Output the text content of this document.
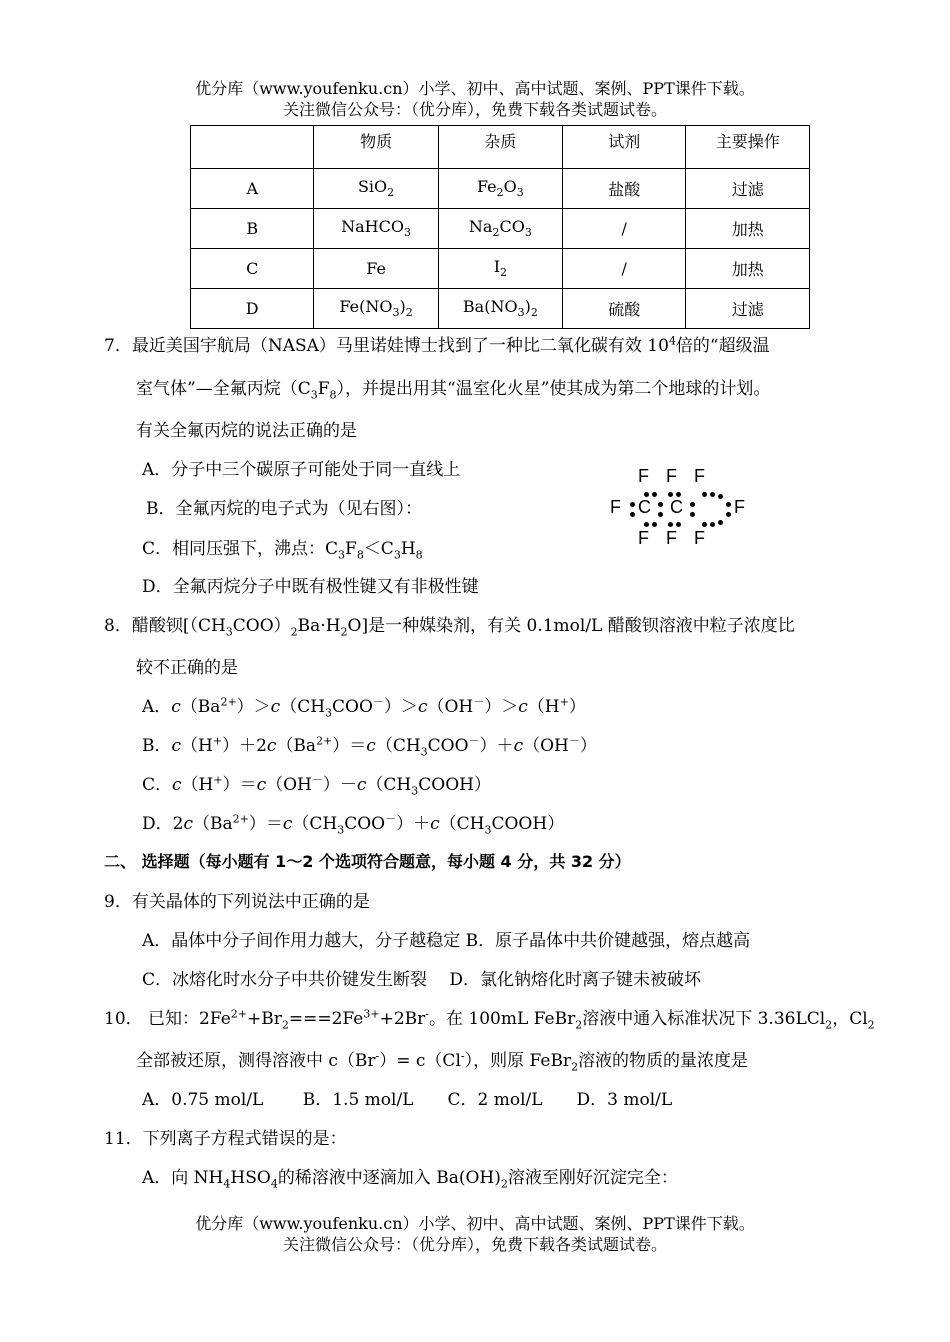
优分库（www.youfenku.cn）小学、初中、高中试题、案例、PPT课件下载。
关注微信公众号：（优分库），免费下载各类试题试卷。
	物质	杂质	试剂	主要操作
A	SiO$_2$	$Fe_2O_3$	盐酸	过滤
B	NaHCO$_3$	$Na_2CO_3$	/	加热
C	Fe	$I_2$	/	加热
D	$Fe(NO_3)_2$	$Ba(NO_3)_2$	硫酸	过滤
7．最近美国宇航局（NASA）马里诺娃博士找到了一种比二氧化碳有效 $10^4$倍的“超级温
室气体”—全氟丙烷$(C_3F_8)$，并提出用其“温室化火星”使其成为第二个地球的计划。
有关全氟丙烷的说法正确的是
A．分子中三个碳原子可能处于同一直线上
B．全氟丙烷的电子式为（见右图）：
C．相同压强下，沸点：$C_3F_8<C_3H_8$
D．全氟丙烷分子中既有极性键又有非极性键
F F F
F C C	F
F F F
8．醋酸钡$[(CH_3COO)_2Ba\cdot H_2O]$是一种媒染剂，有关 0.1mol/L 醋酸钡溶液中粒子浓度比
较不正确的是
A．$c(Ba^{2+})>c(CH_3COO^-)>c(OH^-)>c(H^+)$
B．$c(H^+)+2c(Ba^{2+})=c(CH_3COO^-)+c(OH^-)$
C．$c(H^+)=c(OH^-)-c(CH_3COOH)$
D．$2c(Ba^{2+})=c(CH_3COO^-)+c(CH_3COOH)$
二、 选择题（每小题有 1～2 个选项符合题意，每小题 4 分，共 32 分）
9．有关晶体的下列说法中正确的是
A．晶体中分子间作用力越大，分子越稳定 B．原子晶体中共价键越强，熔点越高
C．冰熔化时水分子中共价键发生断裂　 D．氯化钠熔化时离子键未被破坏
10． 已知：$2Fe^{2+}+Br_2===2Fe^{3+}+2Br^-$。在 100mL FeBr$_2$溶液中通入标准状况下 3.36LCl$_2$，$Cl_2$
全部被还原，测得溶液中 c（Br-）= c（Cl-），则原 FeBr$_2$溶液的物质的量浓度是
A．0.75 mol/L　　 B．1.5 mol/L　　C．2 mol/L　　D．3 mol/L
11．下列离子方程式错误的是：
A．向 $NH_4HSO_4$的稀溶液中逐滴加入 $Ba(OH)_2$溶液至刚好沉淀完全：
优分库（www.youfenku.cn）小学、初中、高中试题、案例、PPT课件下载。
关注微信公众号：（优分库），免费下载各类试题试卷。
